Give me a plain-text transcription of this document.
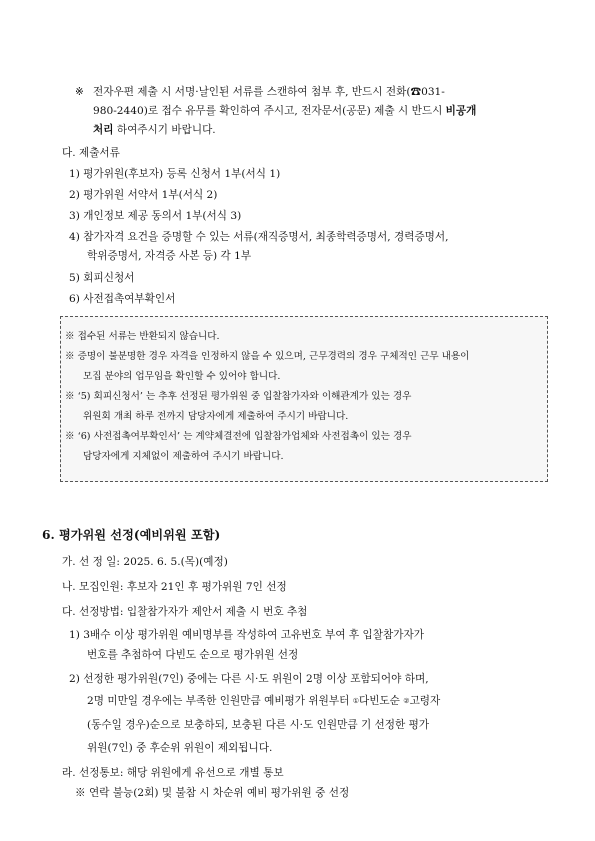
※ 전자우편 제출 시 서명·날인된 서류를 스캔하여 첨부 후, 반드시 전화(☎031-
980-2440)로 접수 유무를 확인하여 주시고, 전자문서(공문) 제출 시 반드시 비공개
처리 하여주시기 바랍니다.
다. 제출서류
1) 평가위원(후보자) 등록 신청서 1부(서식 1)
2) 평가위원 서약서 1부(서식 2)
3) 개인정보 제공 동의서 1부(서식 3)
4) 참가자격 요건을 증명할 수 있는 서류(재직증명서, 최종학력증명서, 경력증명서,
학위증명서, 자격증 사본 등) 각 1부
5) 회피신청서
6) 사전접촉여부확인서
※ 접수된 서류는 반환되지 않습니다.
※ 증명이 불분명한 경우 자격을 인정하지 않을 수 있으며, 근무경력의 경우 구체적인 근무 내용이
모집 분야의 업무임을 확인할 수 있어야 합니다.
※ ‘5) 회피신청서’ 는 추후 선정된 평가위원 중 입찰참가자와 이해관계가 있는 경우
위원회 개최 하루 전까지 담당자에게 제출하여 주시기 바랍니다.
※ ‘6) 사전접촉여부확인서’ 는 계약체결전에 입찰참가업체와 사전접촉이 있는 경우
담당자에게 지체없이 제출하여 주시기 바랍니다.
6. 평가위원 선정(예비위원 포함)
가. 선 정 일: 2025. 6. 5.(목)(예정)
나. 모집인원: 후보자 21인 후 평가위원 7인 선정
다. 선정방법: 입찰참가자가 제안서 제출 시 번호 추첨
1) 3배수 이상 평가위원 예비명부를 작성하여 고유번호 부여 후 입찰참가자가
번호를 추첨하여 다빈도 순으로 평가위원 선정
2) 선정한 평가위원(7인) 중에는 다른 시·도 위원이 2명 이상 포함되어야 하며,
2명 미만일 경우에는 부족한 인원만큼 예비평가 위원부터 ①다빈도순 ②고령자
(동수일 경우)순으로 보충하되, 보충된 다른 시·도 인원만큼 기 선정한 평가
위원(7인) 중 후순위 위원이 제외됩니다.
라. 선정통보: 해당 위원에게 유선으로 개별 통보
※ 연락 불능(2회) 및 불참 시 차순위 예비 평가위원 중 선정
